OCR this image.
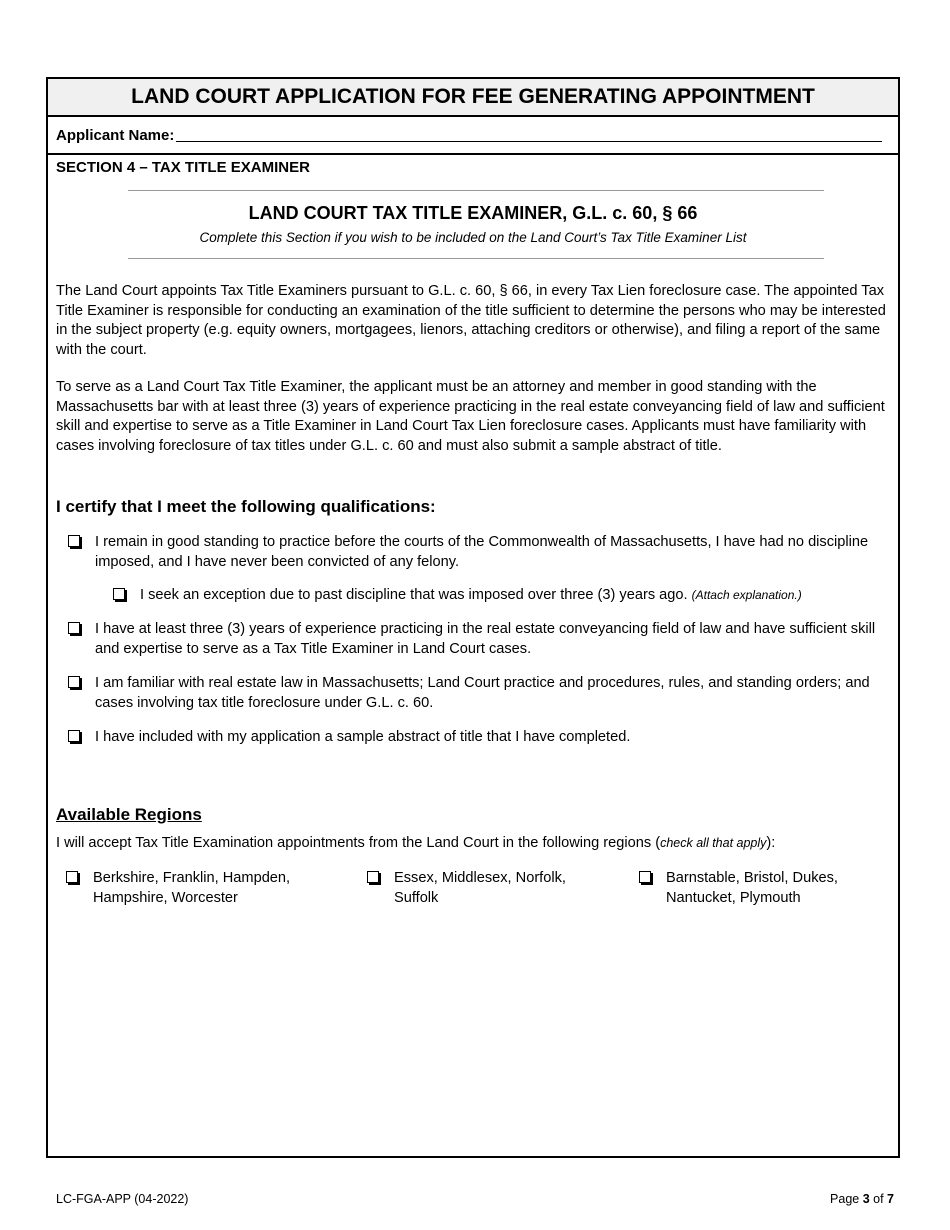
LAND COURT APPLICATION FOR FEE GENERATING APPOINTMENT
Applicant Name:
SECTION 4 – TAX TITLE EXAMINER
LAND COURT TAX TITLE EXAMINER, G.L. c. 60, § 66
Complete this Section if you wish to be included on the Land Court’s Tax Title Examiner List
The Land Court appoints Tax Title Examiners pursuant to G.L. c. 60, § 66, in every Tax Lien foreclosure case. The appointed Tax Title Examiner is responsible for conducting an examination of the title sufficient to determine the persons who may be interested in the subject property (e.g. equity owners, mortgagees, lienors, attaching creditors or otherwise), and filing a report of the same with the court.
To serve as a Land Court Tax Title Examiner, the applicant must be an attorney and member in good standing with the Massachusetts bar with at least three (3) years of experience practicing in the real estate conveyancing field of law and sufficient skill and expertise to serve as a Title Examiner in Land Court Tax Lien foreclosure cases. Applicants must have familiarity with cases involving foreclosure of tax titles under G.L. c. 60 and must also submit a sample abstract of title.
I certify that I meet the following qualifications:
I remain in good standing to practice before the courts of the Commonwealth of Massachusetts, I have had no discipline imposed, and I have never been convicted of any felony.
I seek an exception due to past discipline that was imposed over three (3) years ago. (Attach explanation.)
I have at least three (3) years of experience practicing in the real estate conveyancing field of law and have sufficient skill and expertise to serve as a Tax Title Examiner in Land Court cases.
I am familiar with real estate law in Massachusetts; Land Court practice and procedures, rules, and standing orders; and cases involving tax title foreclosure under G.L. c. 60.
I have included with my application a sample abstract of title that I have completed.
Available Regions
I will accept Tax Title Examination appointments from the Land Court in the following regions (check all that apply):
Berkshire, Franklin, Hampden, Hampshire, Worcester
Essex, Middlesex, Norfolk, Suffolk
Barnstable, Bristol, Dukes, Nantucket, Plymouth
LC-FGA-APP (04-2022)	Page 3 of 7
